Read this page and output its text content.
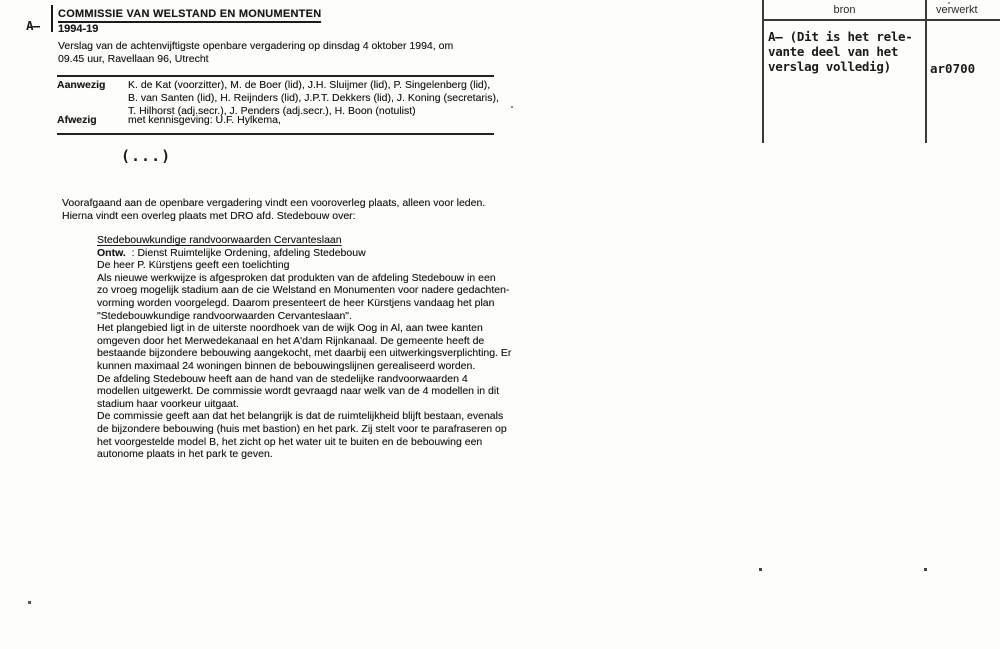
A—
COMMISSIE VAN WELSTAND EN MONUMENTEN
1994-19
Verslag van de achtenvijftigste openbare vergadering op dinsdag 4 oktober 1994, om
09.45 uur, Ravellaan 96, Utrecht
Aanwezig K. de Kat (voorzitter), M. de Boer (lid), J.H. Sluijmer (lid), P. Singelenberg (lid),
B. van Santen (lid), H. Reijnders (lid), J.P.T. Dekkers (lid), J. Koning (secretaris),
T. Hilhorst (adj.secr.), J. Penders (adj.secr.), H. Boon (notulist)
Afwezig	met kennisgeving: U.F. Hylkema,
(...)
Voorafgaand aan de openbare vergadering vindt een vooroverleg plaats, alleen voor leden.
Hierna vindt een overleg plaats met DRO afd. Stedebouw over:
Stedebouwkundige randvoorwaarden Cervanteslaan
Ontw.  : Dienst Ruimtelijke Ordening, afdeling Stedebouw
De heer P. Kürstjens geeft een toelichting
Als nieuwe werkwijze is afgesproken dat produkten van de afdeling Stedebouw in een
zo vroeg mogelijk stadium aan de cie Welstand en Monumenten voor nadere gedachten-
vorming worden voorgelegd. Daarom presenteert de heer Kürstjens vandaag het plan
"Stedebouwkundige randvoorwaarden Cervanteslaan".
Het plangebied ligt in de uiterste noordhoek van de wijk Oog in Al, aan twee kanten
omgeven door het Merwedekanaal en het A'dam Rijnkanaal. De gemeente heeft de
bestaande bijzondere bebouwing aangekocht, met daarbij een uitwerkingsverplichting. Er
kunnen maximaal 24 woningen binnen de bebouwingslijnen gerealiseerd worden.
De afdeling Stedebouw heeft aan de hand van de stedelijke randvoorwaarden 4
modellen uitgewerkt. De commissie wordt gevraagd naar welk van de 4 modellen in dit
stadium haar voorkeur uitgaat.
De commissie geeft aan dat het belangrijk is dat de ruimtelijkheid blijft bestaan, evenals
de bijzondere bebouwing (huis met bastion) en het park. Zij stelt voor te parafraseren op
het voorgestelde model B, het zicht op het water uit te buiten en de bebouwing een
autonome plaats in het park te geven.
bron	verwerkt
A— (Dit is het rele-
vante deel van het
verslag volledig)	ar0700
